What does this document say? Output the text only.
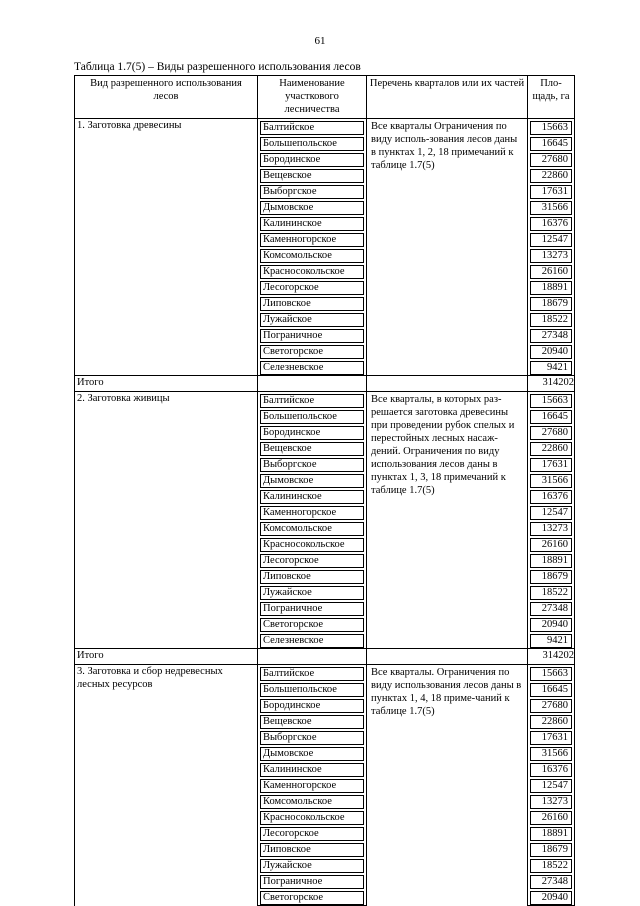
61
Таблица 1.7(5) – Виды разрешенного использования лесов
Вид разрешенного использования лесов	Наименование участкового лесничества	Перечень кварталов или их частей	Пло-щадь, га
1. Заготовка древесины	Балтийское	Все кварталы Ограничения по виду исполь-зования лесов даны в пунктах 1, 2, 18 примечаний к таблице 1.7(5)	15663

	Большепольское		16645

	Бородинское		27680

	Вещевское		22860

	Выборгское		17631

	Дымовское		31566

	Калининское		16376

	Каменногорское		12547

	Комсомольское		13273

	Красносокольское		26160

	Лесогорское		18891

	Липовское		18679

	Лужайское		18522

	Пограничное		27348

	Светогорское		20940

	Селезневское		9421

Итого			314202
2. Заготовка живицы	Балтийское	Все кварталы, в которых раз-решается заготовка древесины при проведении рубок спелых и перестойных лесных насаж-дений. Ограничения по виду использования лесов даны в пунктах 1, 3, 18 примечаний к таблице 1.7(5)	15663

	Большепольское		16645

	Бородинское		27680

	Вещевское		22860

	Выборгское		17631

	Дымовское		31566

	Калининское		16376

	Каменногорское		12547

	Комсомольское		13273

	Красносокольское		26160

	Лесогорское		18891

	Липовское		18679

	Лужайское		18522

	Пограничное		27348

	Светогорское		20940

	Селезневское		9421

Итого			314202
3. Заготовка и сбор недревесных лесных ресурсов	Балтийское	Все кварталы. Ограничения по виду использования лесов даны в пунктах 1, 4, 18 приме-чаний к таблице 1.7(5)	15663

	Большепольское		16645

	Бородинское		27680

	Вещевское		22860

	Выборгское		17631

	Дымовское		31566

	Калининское		16376

	Каменногорское		12547

	Комсомольское		13273

	Красносокольское		26160

	Лесогорское		18891

	Липовское		18679

	Лужайское		18522

	Пограничное		27348

	Светогорское		20940
